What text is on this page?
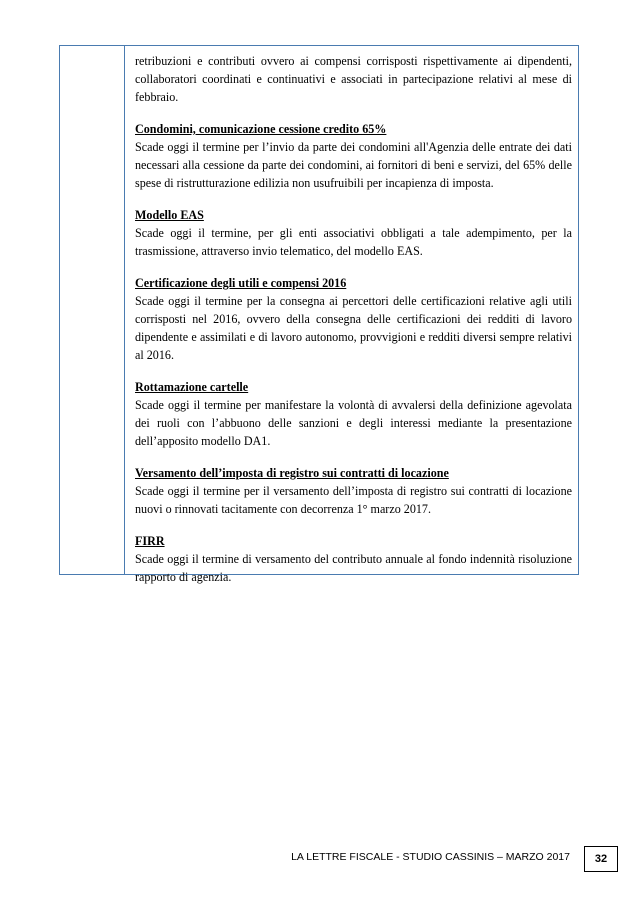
retribuzioni e contributi ovvero ai compensi corrisposti rispettivamente ai dipendenti, collaboratori coordinati e continuativi e associati in partecipazione relativi al mese di febbraio.

Condomini, comunicazione cessione credito 65%

Scade oggi il termine per l’invio da parte dei condomini all'Agenzia delle entrate dei dati necessari alla cessione da parte dei condomini, ai fornitori di beni e servizi, del 65% delle spese di ristrutturazione edilizia non usufruibili per incapienza di imposta.

Modello EAS

Scade oggi il termine, per gli enti associativi obbligati a tale adempimento, per la trasmissione, attraverso invio telematico, del modello EAS.

Certificazione degli utili e compensi 2016

Scade oggi il termine per la consegna ai percettori delle certificazioni relative agli utili corrisposti nel 2016, ovvero della consegna delle certificazioni dei redditi di lavoro dipendente e assimilati e di lavoro autonomo, provvigioni e redditi diversi sempre relativi al 2016.

Rottamazione cartelle

Scade oggi il termine per manifestare la volontà di avvalersi della definizione agevolata dei ruoli con l’abbuono delle sanzioni e degli interessi mediante la presentazione dell’apposito modello DA1.

Versamento dell’imposta di registro sui contratti di locazione

Scade oggi il termine per il versamento dell’imposta di registro sui contratti di locazione nuovi o rinnovati tacitamente con decorrenza 1° marzo 2017.

FIRR

Scade oggi il termine di versamento del contributo annuale al fondo indennità risoluzione rapporto di agenzia.

LA LETTRE FISCALE - STUDIO CASSINIS – MARZO 2017	32
